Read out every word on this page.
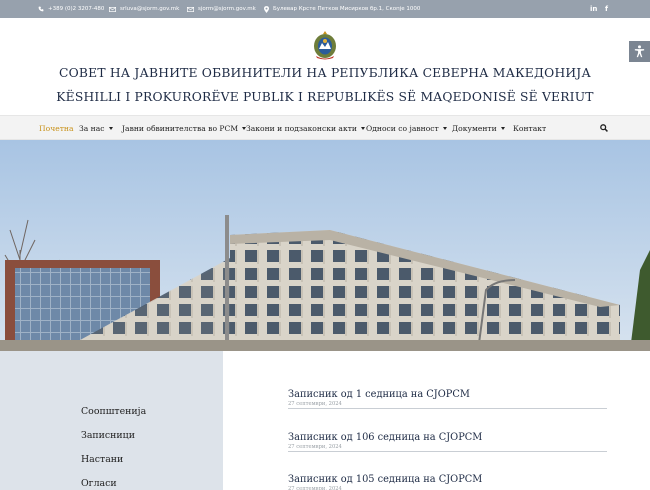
+389 (0)2 3207-480	srluva@sjorm.gov.mk	sjorm@sjorm.gov.mk	Булевар Крсте Петков Мисирков бр.1, Скопје 1000	in f
СОВЕТ НА ЈАВНИТЕ ОБВИНИТЕЛИ НА РЕПУБЛИКА СЕВЕРНА МАКЕДОНИЈА
KËSHILLI I PROKURORËVE PUBLIK I REPUBLIKËS SË MAQEDONISË SË VERIUT
Почетна За нас Јавни обвинителства во РСМ Закони и подзаконски акти Односи со јавност Документи Контакт
Соопштенија
Записници
Настани
Огласи
Записник од 1 седница на СЈОРСМ
27 септември, 2024
Записник од 106 седница на СЈОРСМ
27 септември, 2024
Записник од 105 седница на СЈОРСМ
27 септември, 2024
